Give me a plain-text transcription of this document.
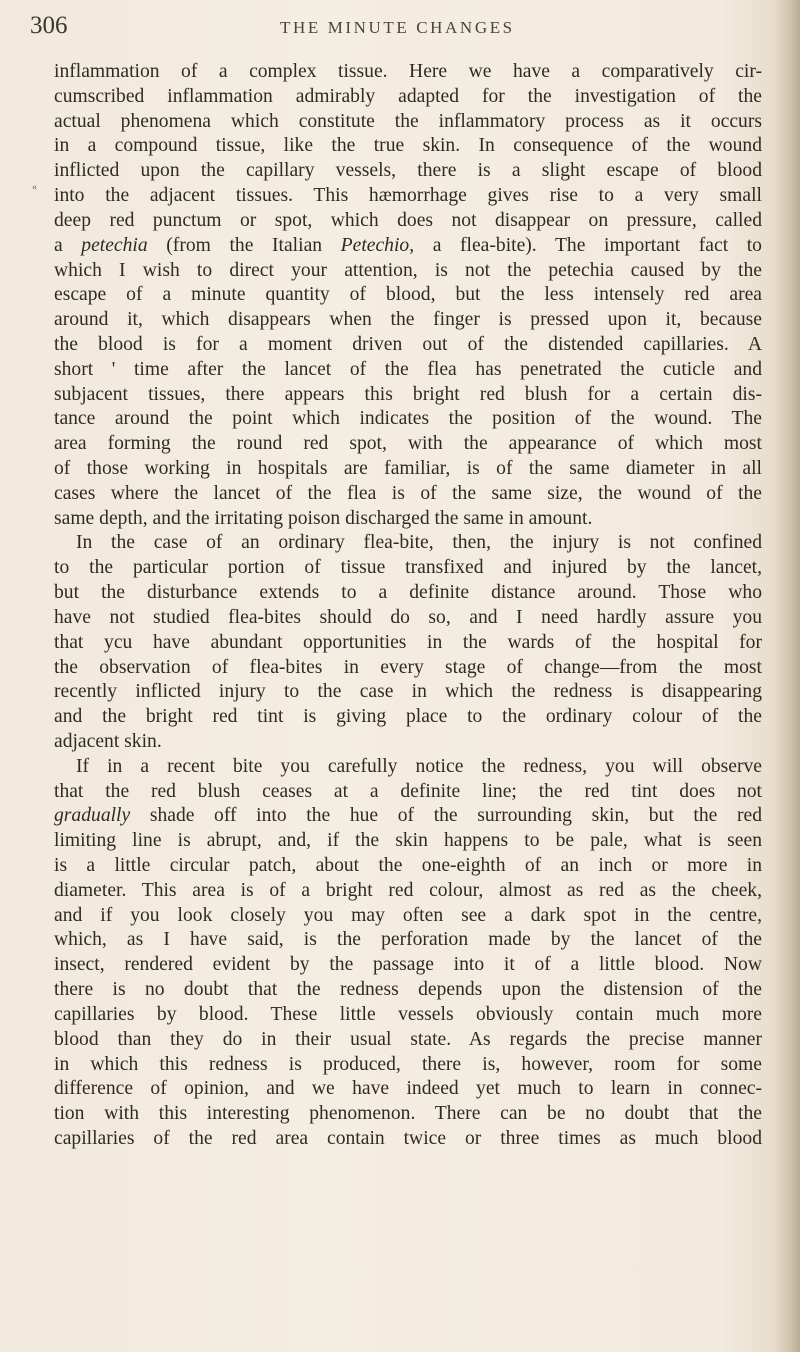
306	THE MINUTE CHANGES
«
inflammation of a complex tissue. Here we have a comparatively cir-
cumscribed inflammation admirably adapted for the investigation of the
actual phenomena which constitute the inflammatory process as it occurs
in a compound tissue, like the true skin. In consequence of the wound
inflicted upon the capillary vessels, there is a slight escape of blood
into the adjacent tissues. This hæmorrhage gives rise to a very small
deep red punctum or spot, which does not disappear on pressure, called
a petechia (from the Italian Petechio, a flea-bite). The important fact to
which I wish to direct your attention, is not the petechia caused by the
escape of a minute quantity of blood, but the less intensely red area
around it, which disappears when the finger is pressed upon it, because
the blood is for a moment driven out of the distended capillaries. A
short ' time after the lancet of the flea has penetrated the cuticle and
subjacent tissues, there appears this bright red blush for a certain dis-
tance around the point which indicates the position of the wound. The
area forming the round red spot, with the appearance of which most
of those working in hospitals are familiar, is of the same diameter in all
cases where the lancet of the flea is of the same size, the wound of the
same depth, and the irritating poison discharged the same in amount.
In the case of an ordinary flea-bite, then, the injury is not confined
to the particular portion of tissue transfixed and injured by the lancet,
but the disturbance extends to a definite distance around. Those who
have not studied flea-bites should do so, and I need hardly assure you
that ycu have abundant opportunities in the wards of the hospital for
the observation of flea-bites in every stage of change—from the most
recently inflicted injury to the case in which the redness is disappearing
and the bright red tint is giving place to the ordinary colour of the
adjacent skin.
If in a recent bite you carefully notice the redness, you will observe
that the red blush ceases at a definite line; the red tint does not
gradually shade off into the hue of the surrounding skin, but the red
limiting line is abrupt, and, if the skin happens to be pale, what is seen
is a little circular patch, about the one-eighth of an inch or more in
diameter. This area is of a bright red colour, almost as red as the cheek,
and if you look closely you may often see a dark spot in the centre,
which, as I have said, is the perforation made by the lancet of the
insect, rendered evident by the passage into it of a little blood. Now
there is no doubt that the redness depends upon the distension of the
capillaries by blood. These little vessels obviously contain much more
blood than they do in their usual state. As regards the precise manner
in which this redness is produced, there is, however, room for some
difference of opinion, and we have indeed yet much to learn in connec-
tion with this interesting phenomenon. There can be no doubt that the
capillaries of the red area contain twice or three times as much blood
